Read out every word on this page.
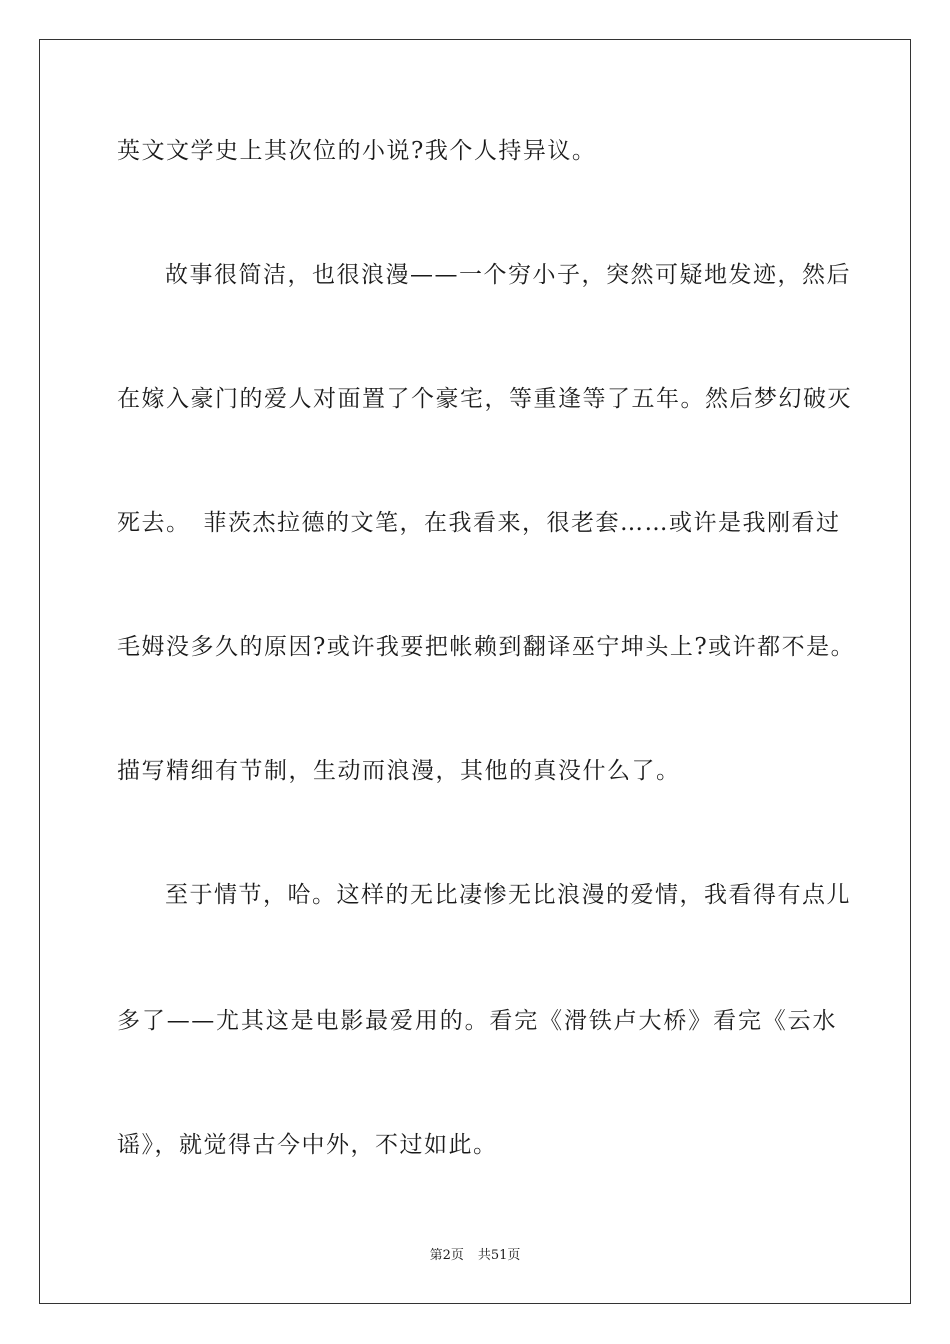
英文文学史上其次位的小说?我个人持异议。
故事很简洁，也很浪漫——一个穷小子，突然可疑地发迹，然后
在嫁入豪门的爱人对面置了个豪宅，等重逢等了五年。然后梦幻破灭
死去。　菲茨杰拉德的文笔，在我看来，很老套……或许是我刚看过
毛姆没多久的原因?或许我要把帐赖到翻译巫宁坤头上?或许都不是。
描写精细有节制，生动而浪漫，其他的真没什么了。
至于情节，哈。这样的无比凄惨无比浪漫的爱情，我看得有点儿
多了——尤其这是电影最爱用的。看完《滑铁卢大桥》看完《云水
谣》，就觉得古今中外，不过如此。
第2页 共51页
